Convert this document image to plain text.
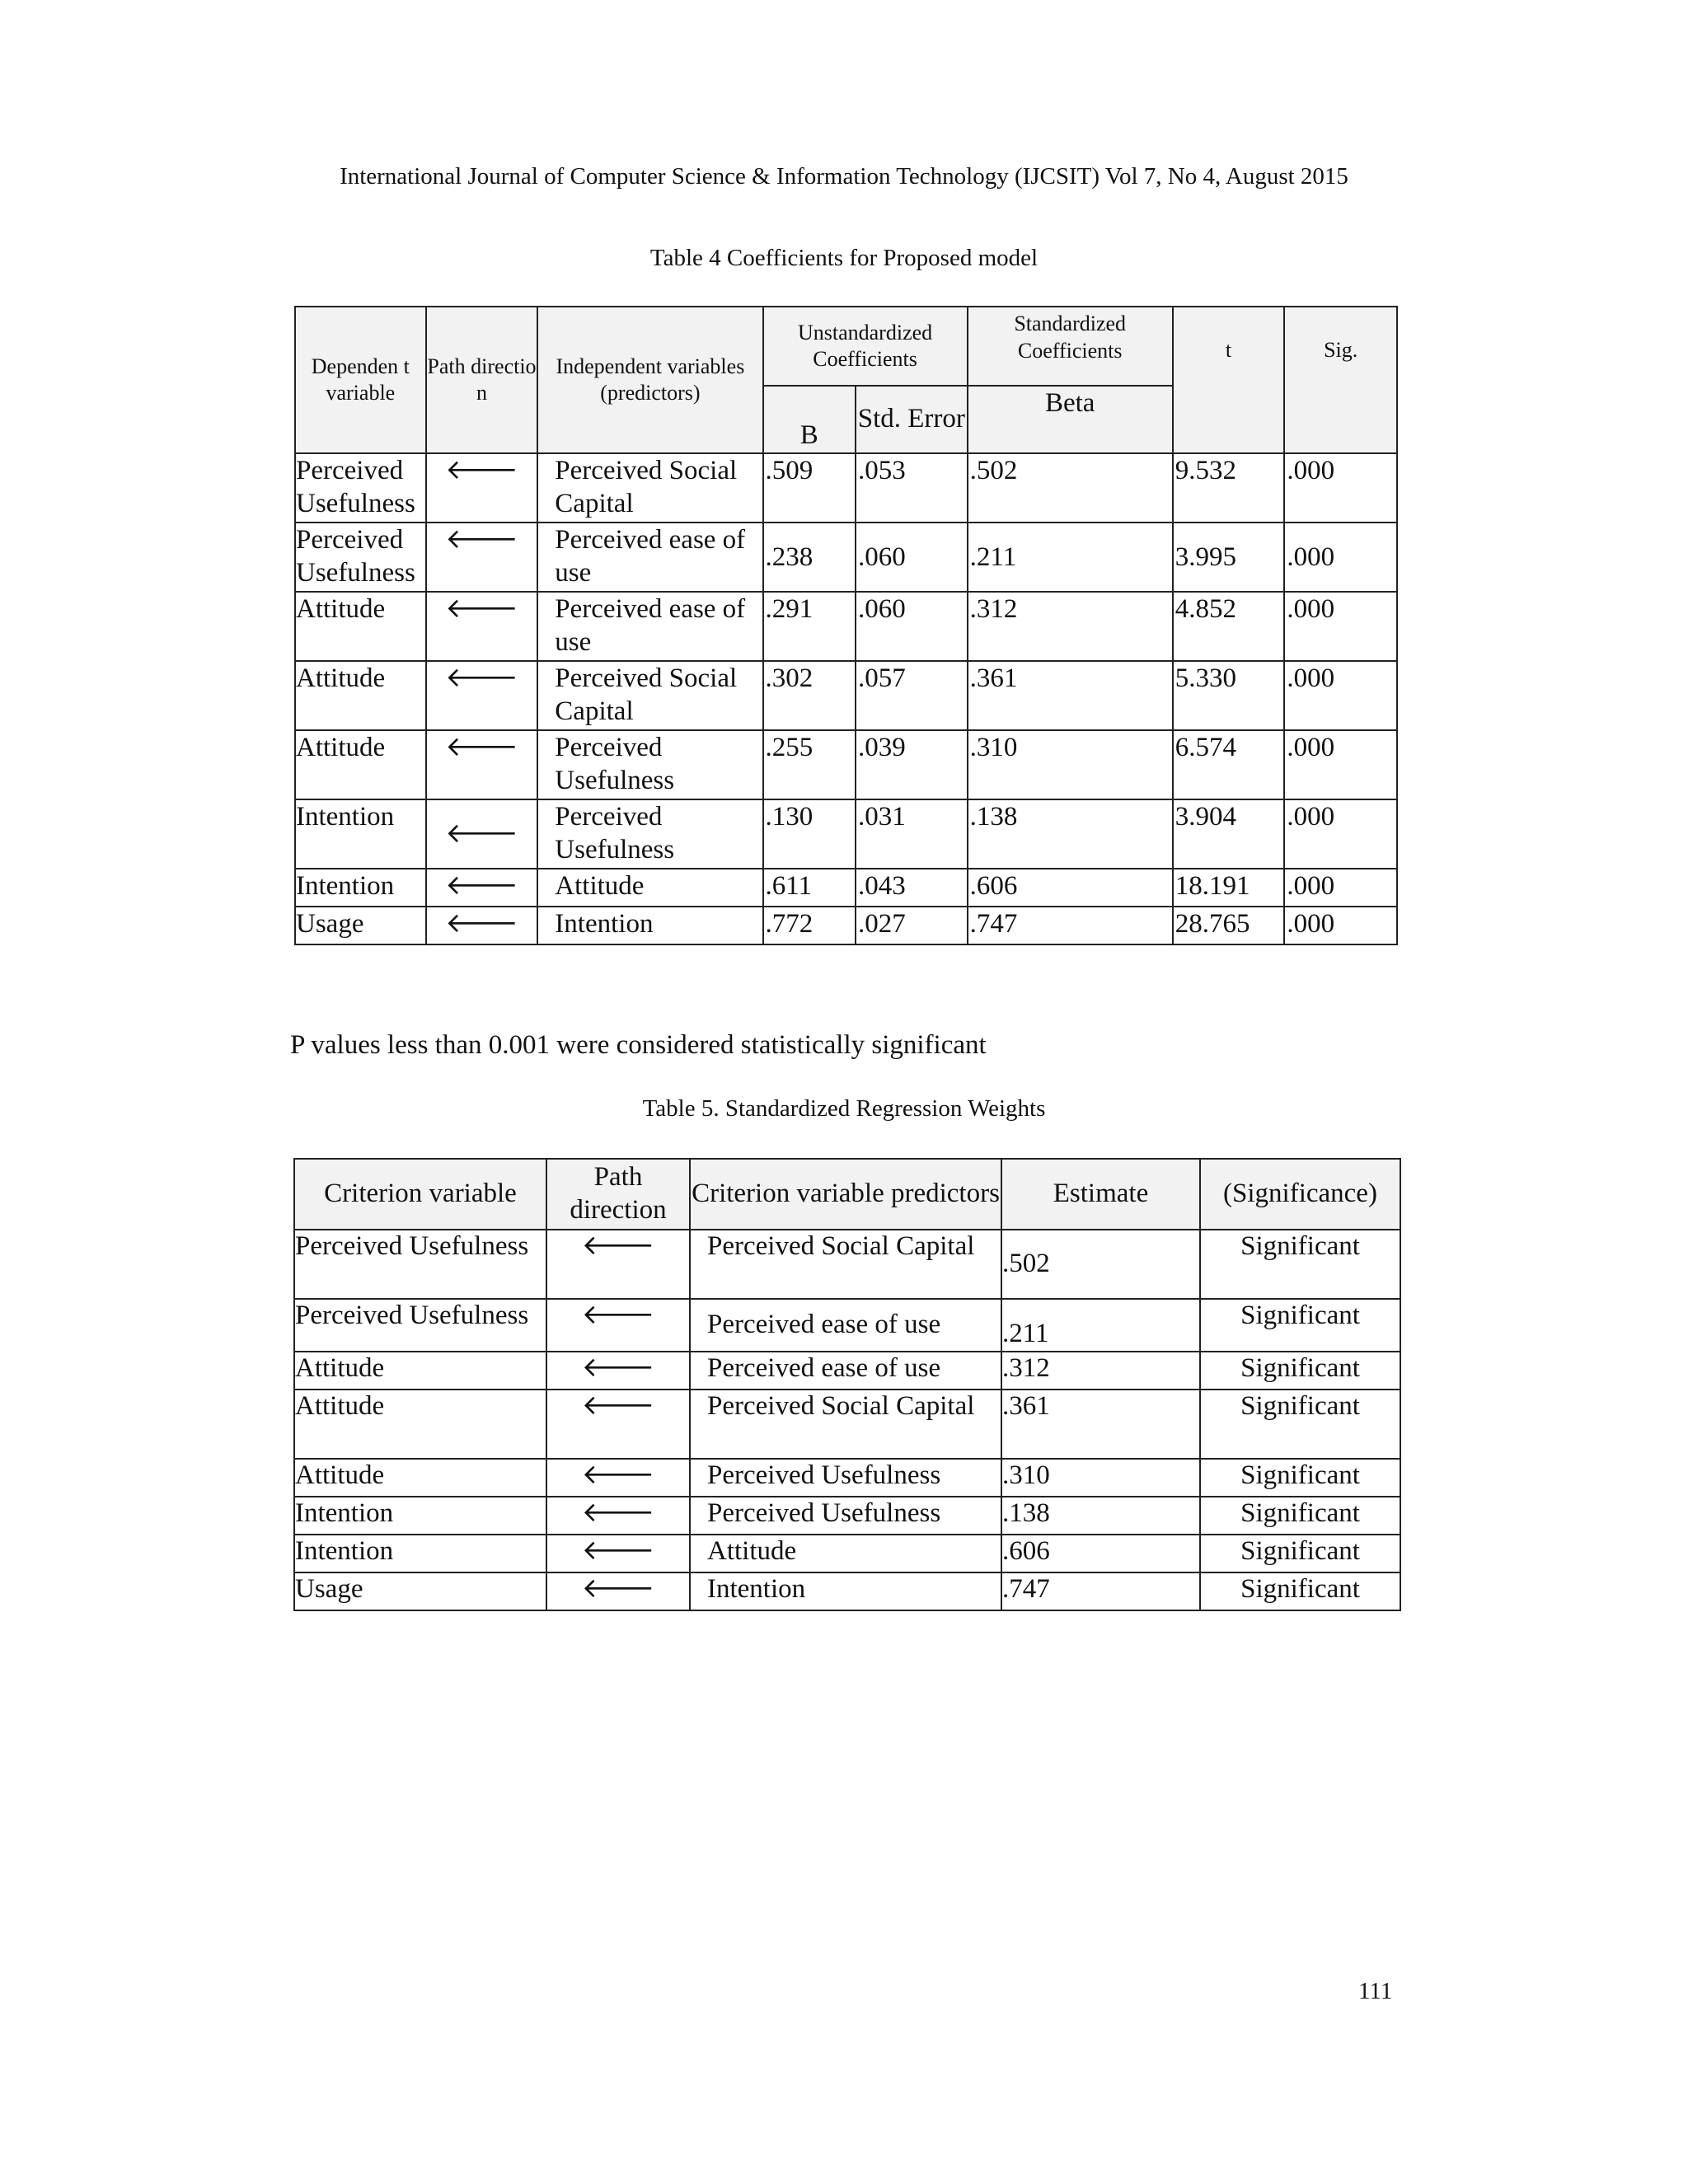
International Journal of Computer Science & Information Technology (IJCSIT) Vol 7, No 4, August 2015
Table 4 Coefficients for Proposed model
Dependen t variable	Path directio n	Independent variables (predictors)	Unstandardized Coefficients		Standardized Coefficients	t	Sig.
			B	Std. Error	Beta		
Perceived Usefulness	🡐	Perceived Social Capital	.509	.053	.502	9.532	.000
Perceived Usefulness	🡐	Perceived ease of use	.238	.060	.211	3.995	.000
Attitude	🡐	Perceived ease of use	.291	.060	.312	4.852	.000
Attitude	🡐	Perceived Social Capital	.302	.057	.361	5.330	.000
Attitude	🡐	Perceived Usefulness	.255	.039	.310	6.574	.000
Intention	🡐	Perceived Usefulness	.130	.031	.138	3.904	.000
Intention	🡐	Attitude	.611	.043	.606	18.191	.000
Usage	🡐	Intention	.772	.027	.747	28.765	.000
P values less than 0.001 were considered statistically significant
Table 5. Standardized Regression Weights
Criterion variable	Path direction	Criterion variable predictors	Estimate	(Significance)
Perceived Usefulness	🡐	Perceived Social Capital	.502	Significant
Perceived Usefulness	🡐	Perceived ease of use	.211	Significant
Attitude	🡐	Perceived ease of use	.312	Significant
Attitude	🡐	Perceived Social Capital	.361	Significant
Attitude	🡐	Perceived Usefulness	.310	Significant
Intention	🡐	Perceived Usefulness	.138	Significant
Intention	🡐	Attitude	.606	Significant
Usage	🡐	Intention	.747	Significant
111
